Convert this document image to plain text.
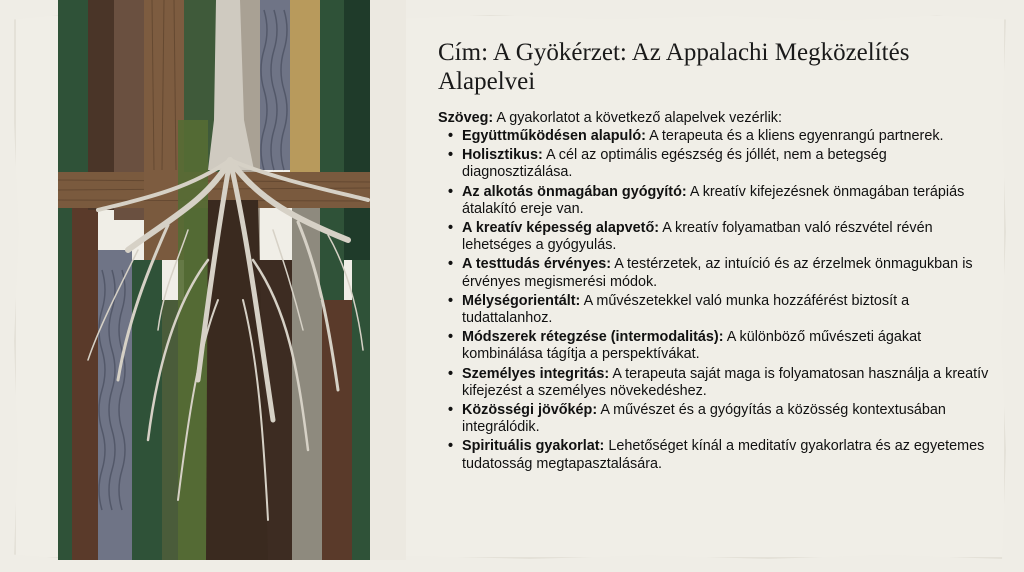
Cím: A Gyökérzet: Az Appalachi Megközelítés Alapelvei

Szöveg: A gyakorlatot a következő alapelvek vezérlik:

• Együttműködésen alapuló: A terapeuta és a kliens egyenrangú partnerek.
• Holisztikus: A cél az optimális egészség és jóllét, nem a betegség diagnosztizálása.
• Az alkotás önmagában gyógyító: A kreatív kifejezésnek önmagában terápiás átalakító ereje van.
• A kreatív képesség alapvető: A kreatív folyamatban való részvétel révén lehetséges a gyógyulás.
• A testtudás érvényes: A testérzetek, az intuíció és az érzelmek önmagukban is érvényes megismerési módok.
• Mélységorientált: A művészetekkel való munka hozzáférést biztosít a tudattalanhoz.
• Módszerek rétegzése (intermodalitás): A különböző művészeti ágakat kombinálása tágítja a perspektívákat.
• Személyes integritás: A terapeuta saját maga is folyamatosan használja a kreatív kifejezést a személyes növekedéshez.
• Közösségi jövőkép: A művészet és a gyógyítás a közösség kontextusában integrálódik.
• Spirituális gyakorlat: Lehetőséget kínál a meditatív gyakorlatra és az egyetemes tudatosság megtapasztalására.
